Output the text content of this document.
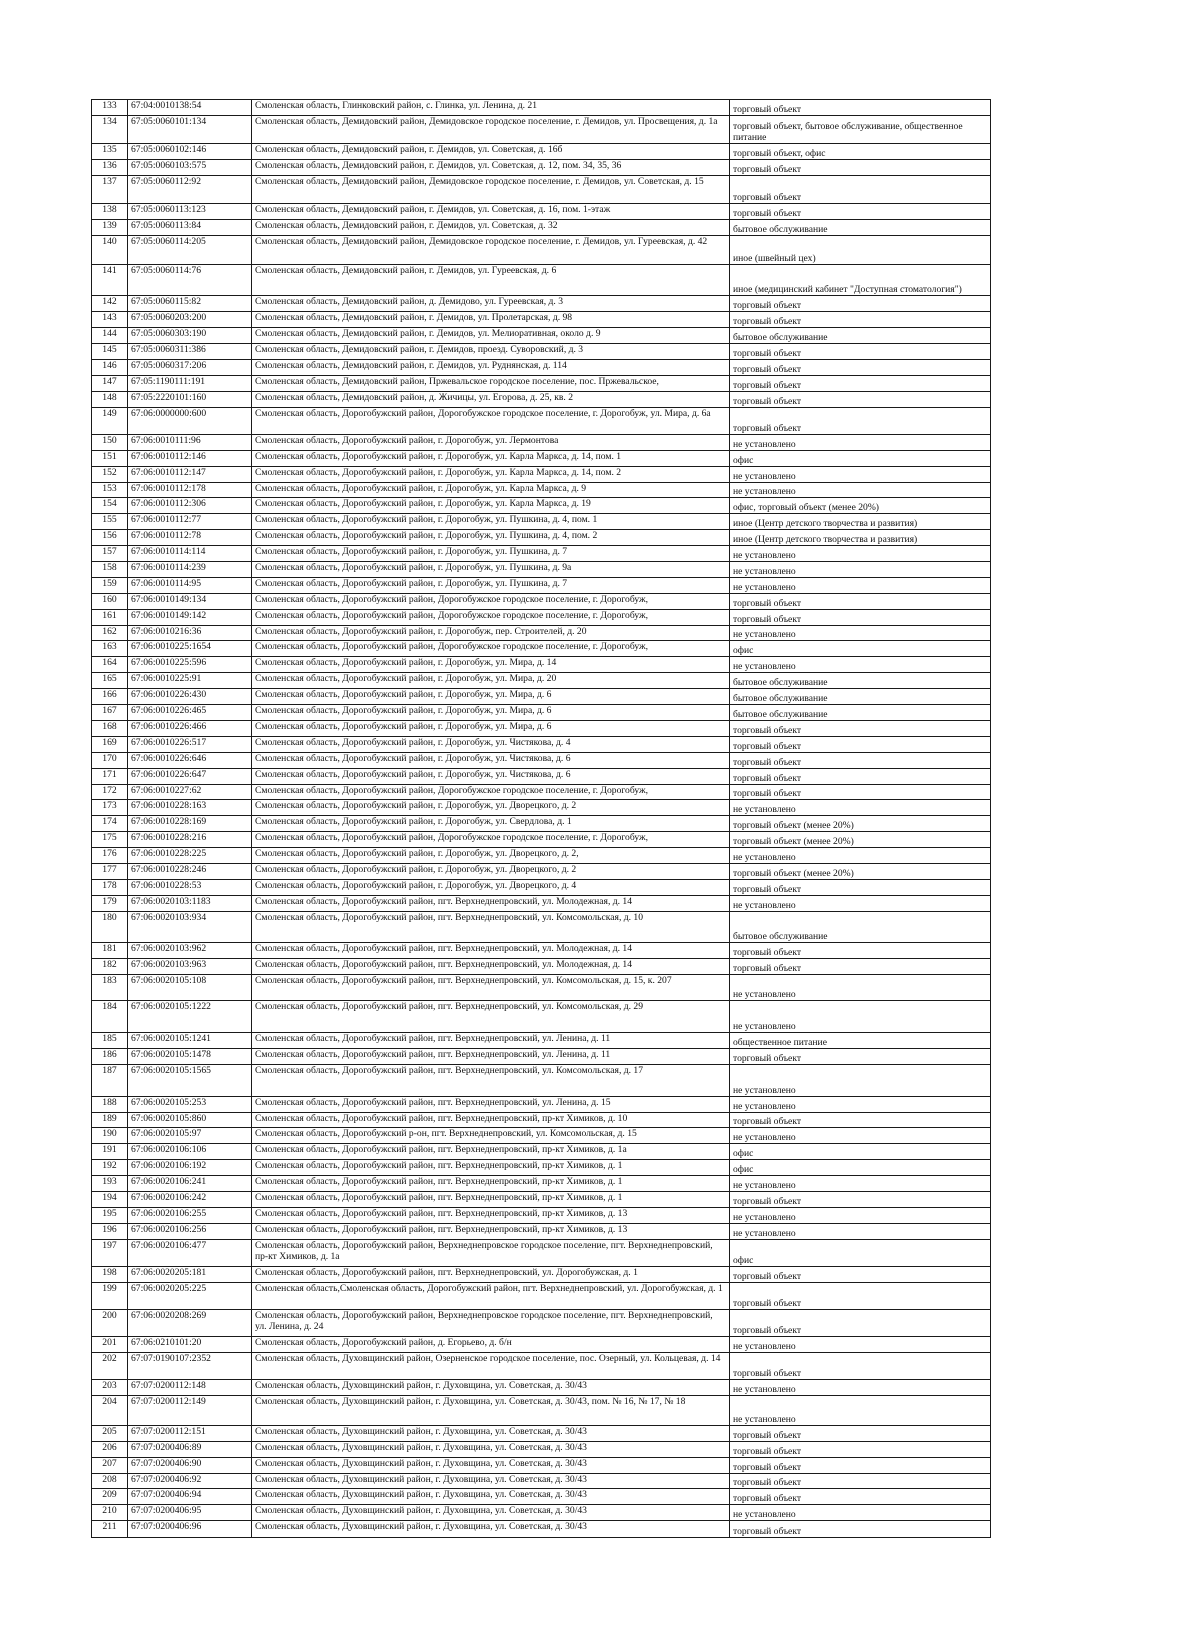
133	67:04:0010138:54	Смоленская область, Глинковский район, с. Глинка, ул. Ленина, д. 21	торговый объект
134	67:05:0060101:134	Смоленская область, Демидовский район, Демидовское городское поселение, г. Демидов, ул. Просвещения, д. 1а	торговый объект, бытовое обслуживание, общественное питание
135	67:05:0060102:146	Смоленская область, Демидовский район, г. Демидов, ул. Советская, д. 16б	торговый объект, офис
136	67:05:0060103:575	Смоленская область, Демидовский район, г. Демидов, ул. Советская, д. 12, пом. 34, 35, 36	торговый объект
137	67:05:0060112:92	Смоленская область, Демидовский район, Демидовское городское поселение, г. Демидов, ул. Советская, д. 15	торговый объект
138	67:05:0060113:123	Смоленская область, Демидовский район, г. Демидов, ул. Советская, д. 16, пом. 1-этаж	торговый объект
139	67:05:0060113:84	Смоленская область, Демидовский район, г. Демидов, ул. Советская, д. 32	бытовое обслуживание
140	67:05:0060114:205	Смоленская область, Демидовский район, Демидовское городское поселение, г. Демидов, ул. Гуреевская, д. 42	иное (швейный цех)
141	67:05:0060114:76	Смоленская область, Демидовский район, г. Демидов, ул. Гуреевская, д. 6	иное (медицинский кабинет "Доступная стоматология")
142	67:05:0060115:82	Смоленская область, Демидовский район, д. Демидово, ул. Гуреевская, д. 3	торговый объект
143	67:05:0060203:200	Смоленская область, Демидовский район, г. Демидов, ул. Пролетарская, д. 98	торговый объект
144	67:05:0060303:190	Смоленская область, Демидовский район, г. Демидов, ул. Мелиоративная, около д. 9	бытовое обслуживание
145	67:05:0060311:386	Смоленская область, Демидовский район, г. Демидов, проезд. Суворовский, д. 3	торговый объект
146	67:05:0060317:206	Смоленская область, Демидовский район, г. Демидов, ул. Руднянская, д. 114	торговый объект
147	67:05:1190111:191	Смоленская область, Демидовский район, Пржевальское городское поселение, пос. Пржевальское,	торговый объект
148	67:05:2220101:160	Смоленская область, Демидовский район, д. Жичицы, ул. Егорова, д. 25, кв. 2	торговый объект
149	67:06:0000000:600	Смоленская область, Дорогобужский район, Дорогобужское городское поселение, г. Дорогобуж, ул. Мира, д. 6а	торговый объект
150	67:06:0010111:96	Смоленская область, Дорогобужский район, г. Дорогобуж, ул. Лермонтова	не установлено
151	67:06:0010112:146	Смоленская область, Дорогобужский район, г. Дорогобуж, ул. Карла Маркса, д. 14, пом. 1	офис
152	67:06:0010112:147	Смоленская область, Дорогобужский район, г. Дорогобуж, ул. Карла Маркса, д. 14, пом. 2	не установлено
153	67:06:0010112:178	Смоленская область, Дорогобужский район, г. Дорогобуж, ул. Карла Маркса, д. 9	не установлено
154	67:06:0010112:306	Смоленская область, Дорогобужский район, г. Дорогобуж, ул. Карла Маркса, д. 19	офис, торговый объект (менее 20%)
155	67:06:0010112:77	Смоленская область, Дорогобужский район, г. Дорогобуж, ул. Пушкина, д. 4, пом. 1	иное (Центр детского творчества и развития)
156	67:06:0010112:78	Смоленская область, Дорогобужский район, г. Дорогобуж, ул. Пушкина, д. 4, пом. 2	иное (Центр детского творчества и развития)
157	67:06:0010114:114	Смоленская область, Дорогобужский район, г. Дорогобуж, ул. Пушкина, д. 7	не установлено
158	67:06:0010114:239	Смоленская область, Дорогобужский район, г. Дорогобуж, ул. Пушкина, д. 9а	не установлено
159	67:06:0010114:95	Смоленская область, Дорогобужский район, г. Дорогобуж, ул. Пушкина, д. 7	не установлено
160	67:06:0010149:134	Смоленская область, Дорогобужский район, Дорогобужское городское поселение, г. Дорогобуж,	торговый объект
161	67:06:0010149:142	Смоленская область, Дорогобужский район, Дорогобужское городское поселение, г. Дорогобуж,	торговый объект
162	67:06:0010216:36	Смоленская область, Дорогобужский район, г. Дорогобуж, пер. Строителей, д. 20	не установлено
163	67:06:0010225:1654	Смоленская область, Дорогобужский район, Дорогобужское городское поселение, г. Дорогобуж,	офис
164	67:06:0010225:596	Смоленская область, Дорогобужский район, г. Дорогобуж, ул. Мира, д. 14	не установлено
165	67:06:0010225:91	Смоленская область, Дорогобужский район, г. Дорогобуж, ул. Мира, д. 20	бытовое обслуживание
166	67:06:0010226:430	Смоленская область, Дорогобужский район, г. Дорогобуж, ул. Мира, д. 6	бытовое обслуживание
167	67:06:0010226:465	Смоленская область, Дорогобужский район, г. Дорогобуж, ул. Мира, д. 6	бытовое обслуживание
168	67:06:0010226:466	Смоленская область, Дорогобужский район, г. Дорогобуж, ул. Мира, д. 6	торговый объект
169	67:06:0010226:517	Смоленская область, Дорогобужский район, г. Дорогобуж, ул. Чистякова, д. 4	торговый объект
170	67:06:0010226:646	Смоленская область, Дорогобужский район, г. Дорогобуж, ул. Чистякова, д. 6	торговый объект
171	67:06:0010226:647	Смоленская область, Дорогобужский район, г. Дорогобуж, ул. Чистякова, д. 6	торговый объект
172	67:06:0010227:62	Смоленская область, Дорогобужский район, Дорогобужское городское поселение, г. Дорогобуж,	торговый объект
173	67:06:0010228:163	Смоленская область, Дорогобужский район, г. Дорогобуж, ул. Дворецкого, д. 2	не установлено
174	67:06:0010228:169	Смоленская область, Дорогобужский район, г. Дорогобуж, ул. Свердлова, д. 1	торговый объект (менее 20%)
175	67:06:0010228:216	Смоленская область, Дорогобужский район, Дорогобужское городское поселение, г. Дорогобуж,	торговый объект (менее 20%)
176	67:06:0010228:225	Смоленская область, Дорогобужский район, г. Дорогобуж, ул. Дворецкого, д. 2,	не установлено
177	67:06:0010228:246	Смоленская область, Дорогобужский район, г. Дорогобуж, ул. Дворецкого, д. 2	торговый объект (менее 20%)
178	67:06:0010228:53	Смоленская область, Дорогобужский район, г. Дорогобуж, ул. Дворецкого, д. 4	торговый объект
179	67:06:0020103:1183	Смоленская область, Дорогобужский район, пгт. Верхнеднепровский, ул. Молодежная, д. 14	не установлено
180	67:06:0020103:934	Смоленская область, Дорогобужский район, пгт. Верхнеднепровский, ул. Комсомольская, д. 10	бытовое обслуживание
181	67:06:0020103:962	Смоленская область, Дорогобужский район, пгт. Верхнеднепровский, ул. Молодежная, д. 14	торговый объект
182	67:06:0020103:963	Смоленская область, Дорогобужский район, пгт. Верхнеднепровский, ул. Молодежная, д. 14	торговый объект
183	67:06:0020105:108	Смоленская область, Дорогобужский район, пгт. Верхнеднепровский, ул. Комсомольская, д. 15, к. 207	не установлено
184	67:06:0020105:1222	Смоленская область, Дорогобужский район, пгт. Верхнеднепровский, ул. Комсомольская, д. 29	не установлено
185	67:06:0020105:1241	Смоленская область, Дорогобужский район, пгт. Верхнеднепровский, ул. Ленина, д. 11	общественное питание
186	67:06:0020105:1478	Смоленская область, Дорогобужский район, пгт. Верхнеднепровский, ул. Ленина, д. 11	торговый объект
187	67:06:0020105:1565	Смоленская область, Дорогобужский район, пгт. Верхнеднепровский, ул. Комсомольская, д. 17	не установлено
188	67:06:0020105:253	Смоленская область, Дорогобужский район, пгт. Верхнеднепровский, ул. Ленина, д. 15	не установлено
189	67:06:0020105:860	Смоленская область, Дорогобужский район, пгт. Верхнеднепровский, пр-кт Химиков, д. 10	торговый объект
190	67:06:0020105:97	Смоленская область, Дорогобужский р-он, пгт. Верхнеднепровский, ул. Комсомольская, д. 15	не установлено
191	67:06:0020106:106	Смоленская область, Дорогобужский район, пгт. Верхнеднепровский, пр-кт Химиков, д. 1а	офис
192	67:06:0020106:192	Смоленская область, Дорогобужский район, пгт. Верхнеднепровский, пр-кт Химиков, д. 1	офис
193	67:06:0020106:241	Смоленская область, Дорогобужский район, пгт. Верхнеднепровский, пр-кт Химиков, д. 1	не установлено
194	67:06:0020106:242	Смоленская область, Дорогобужский район, пгт. Верхнеднепровский, пр-кт Химиков, д. 1	торговый объект
195	67:06:0020106:255	Смоленская область, Дорогобужский район, пгт. Верхнеднепровский, пр-кт Химиков, д. 13	не установлено
196	67:06:0020106:256	Смоленская область, Дорогобужский район, пгт. Верхнеднепровский, пр-кт Химиков, д. 13	не установлено
197	67:06:0020106:477	Смоленская область, Дорогобужский район, Верхнеднепровское городское поселение, пгт. Верхнеднепровский, пр-кт Химиков, д. 1а	офис
198	67:06:0020205:181	Смоленская область, Дорогобужский район, пгт. Верхнеднепровский, ул. Дорогобужская, д. 1	торговый объект
199	67:06:0020205:225	Смоленская область,Смоленская область, Дорогобужский район, пгт. Верхнеднепровский, ул. Дорогобужская, д. 1	торговый объект
200	67:06:0020208:269	Смоленская область, Дорогобужский район, Верхнеднепровское городское поселение, пгт. Верхнеднепровский, ул. Ленина, д. 24	торговый объект
201	67:06:0210101:20	Смоленская область, Дорогобужский район, д. Егорьево, д. б/н	не установлено
202	67:07:0190107:2352	Смоленская область, Духовщинский район, Озерненское городское поселение, пос. Озерный, ул. Кольцевая, д. 14	торговый объект
203	67:07:0200112:148	Смоленская область, Духовщинский район, г. Духовщина, ул. Советская, д. 30/43	не установлено
204	67:07:0200112:149	Смоленская область, Духовщинский район, г. Духовщина, ул. Советская, д. 30/43, пом. № 16, № 17, № 18	не установлено
205	67:07:0200112:151	Смоленская область, Духовщинский район, г. Духовщина, ул. Советская, д. 30/43	торговый объект
206	67:07:0200406:89	Смоленская область, Духовщинский район, г. Духовщина, ул. Советская, д. 30/43	торговый объект
207	67:07:0200406:90	Смоленская область, Духовщинский район, г. Духовщина, ул. Советская, д. 30/43	торговый объект
208	67:07:0200406:92	Смоленская область, Духовщинский район, г. Духовщина, ул. Советская, д. 30/43	торговый объект
209	67:07:0200406:94	Смоленская область, Духовщинский район, г. Духовщина, ул. Советская, д. 30/43	торговый объект
210	67:07:0200406:95	Смоленская область, Духовщинский район, г. Духовщина, ул. Советская, д. 30/43	не установлено
211	67:07:0200406:96	Смоленская область, Духовщинский район, г. Духовщина, ул. Советская, д. 30/43	торговый объект
